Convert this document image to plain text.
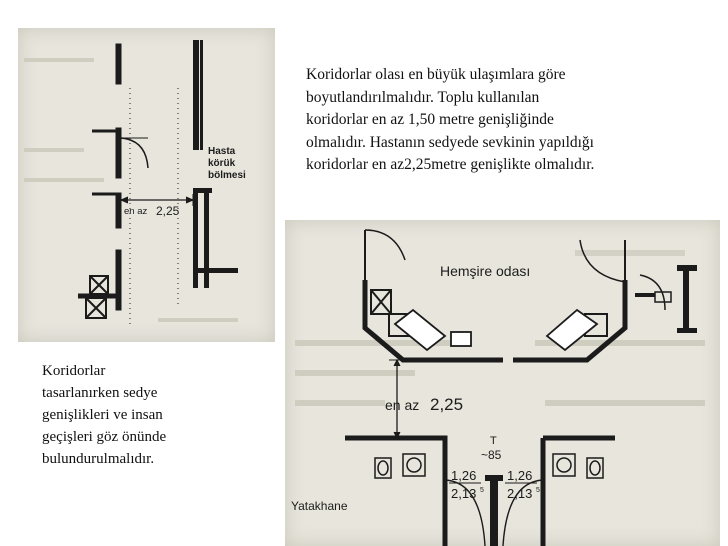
en az 2,25
Hasta
körük
bölmesi
Koridorlar olası en büyük ulaşımlara göre
boyutlandırılmalıdır. Toplu kullanılan
koridorlar en az 1,50 metre genişliğinde
olmalıdır. Hastanın sedyede sevkinin yapıldığı
koridorlar en az2,25metre genişlikte olmalıdır.
Koridorlar
tasarlanırken sedye
genişlikleri ve insan
geçişleri göz önünde
bulundurulmalıdır.
Hemşire odası
en az 2,25
T
~85
1,26
2,13 5
1,26
2,13 5
Yatakhane
